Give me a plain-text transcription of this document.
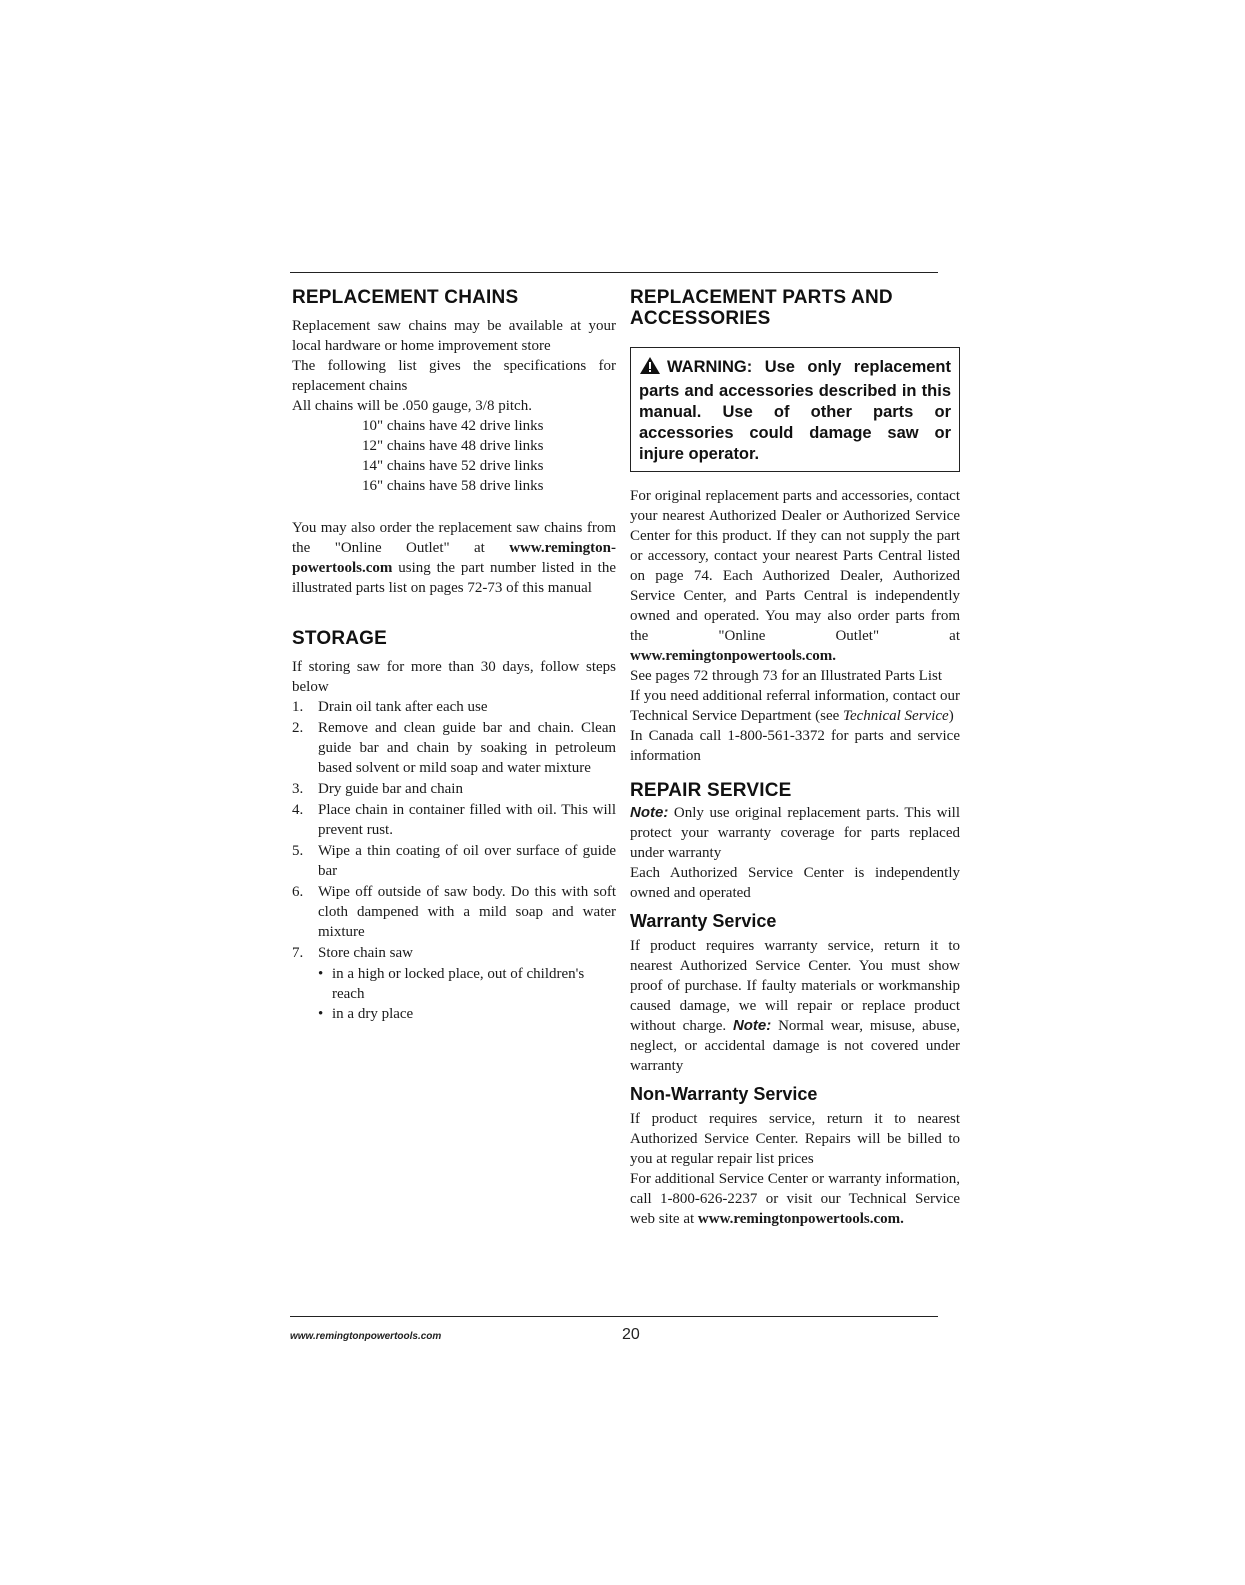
REPLACEMENT CHAINS

Replacement saw chains may be available at your local hardware or home improvement store

The following list gives the specifications for replacement chains

All chains will be .050 gauge, 3/8 pitch.

10" chains have 42 drive links

12" chains have 48 drive links

14" chains have 52 drive links

16" chains have 58 drive links

You may also order the replacement saw chains from the "Online Outlet" at www.remington-powertools.com using the part number listed in the illustrated parts list on pages 72-73 of this manual

STORAGE

If storing saw for more than 30 days, follow steps below

1. Drain oil tank after each use
2. Remove and clean guide bar and chain. Clean guide bar and chain by soaking in petroleum based solvent or mild soap and water mixture
3. Dry guide bar and chain
4. Place chain in container filled with oil. This will prevent rust.
5. Wipe a thin coating of oil over surface of guide bar
6. Wipe off outside of saw body. Do this with soft cloth dampened with a mild soap and water mixture
7. Store chain saw
• in a high or locked place, out of children's reach
• in a dry place
REPLACEMENT PARTS AND
ACCESSORIES
WARNING: Use only replacement parts and accessories described in this manual. Use of other parts or accessories could damage saw or injure operator.

For original replacement parts and accessories, contact your nearest Authorized Dealer or Authorized Service Center for this product. If they can not supply the part or accessory, contact your nearest Parts Central listed on page 74. Each Authorized Dealer, Authorized Service Center, and Parts Central is independently owned and operated. You may also order parts from the "Online Outlet" at www.remingtonpowertools.com.

See pages 72 through 73 for an Illustrated Parts List

If you need additional referral information, contact our Technical Service Department (see Technical Service)

In Canada call 1-800-561-3372 for parts and service information

REPAIR SERVICE

Note: Only use original replacement parts. This will protect your warranty coverage for parts replaced under warranty

Each Authorized Service Center is independently owned and operated

Warranty Service

If product requires warranty service, return it to nearest Authorized Service Center. You must show proof of purchase. If faulty materials or workmanship caused damage, we will repair or replace product without charge. Note: Normal wear, misuse, abuse, neglect, or accidental damage is not covered under warranty

Non-Warranty Service

If product requires service, return it to nearest Authorized Service Center. Repairs will be billed to you at regular repair list prices

For additional Service Center or warranty information, call 1-800-626-2237 or visit our Technical Service web site at www.remingtonpowertools.com.

www.remingtonpowertools.com	20
